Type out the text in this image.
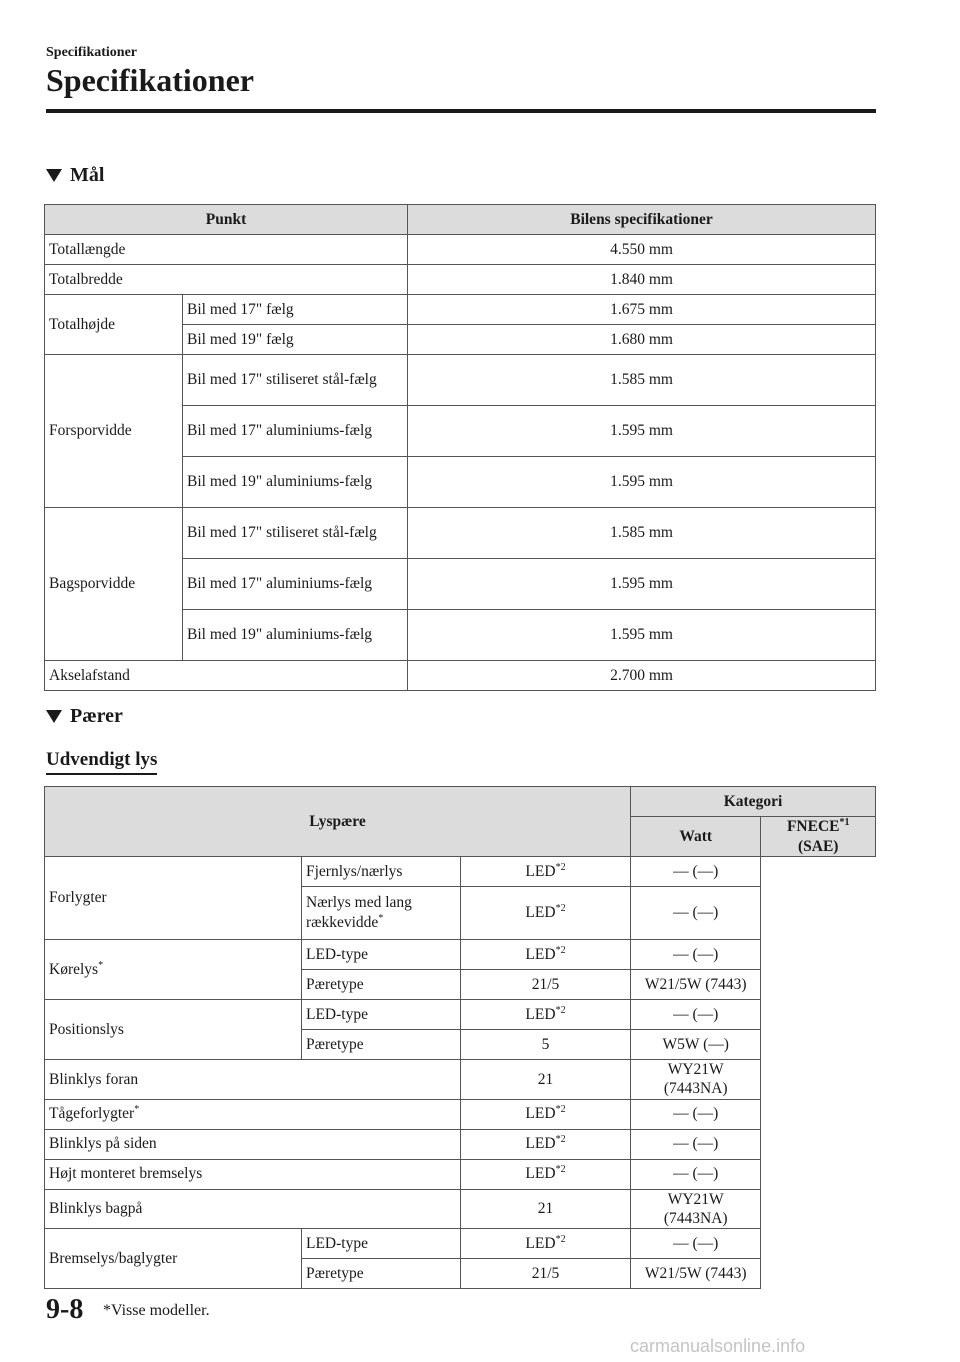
Specifikationer
Specifikationer
Mål
Punkt		Bilens specifikationer
Totallængde		4.550 mm
Totalbredde		1.840 mm
Totalhøjde	Bil med 17" fælg	1.675 mm
	Bil med 19" fælg	1.680 mm
Forsporvidde	Bil med 17" stiliseret stål-fælg	1.585 mm
	Bil med 17" aluminiums-fælg	1.595 mm
	Bil med 19" aluminiums-fælg	1.595 mm
Bagsporvidde	Bil med 17" stiliseret stål-fælg	1.585 mm
	Bil med 17" aluminiums-fælg	1.595 mm
	Bil med 19" aluminiums-fælg	1.595 mm
Akselafstand		2.700 mm
Pærer
Udvendigt lys
Lyspære			Kategori	
			Watt	FNECE$^{*1}$ (SAE)
Forlygter	Fjernlys/nærlys	LED$^{*2}$	— (—)	
	Nærlys med lang rækkevidde*	LED$^{*2}$	— (—)	
Kørelys*	LED-type	LED$^{*2}$	— (—)	
	Pæretype	21/5	W21/5W (7443)	
Positionslys	LED-type	LED$^{*2}$	— (—)	
	Pæretype	5	W5W (—)	
Blinklys foran		21	WY21W (7443NA)	
Tågeforlygter*		LED$^{*2}$	— (—)	
Blinklys på siden		LED$^{*2}$	— (—)	
Højt monteret bremselys		LED$^{*2}$	— (—)	
Blinklys bagpå		21	WY21W (7443NA)	
Bremselys/baglygter	LED-type	LED$^{*2}$	— (—)	
	Pæretype	21/5	W21/5W (7443)	
9-8 *Visse modeller.
carmanualsonline.info
